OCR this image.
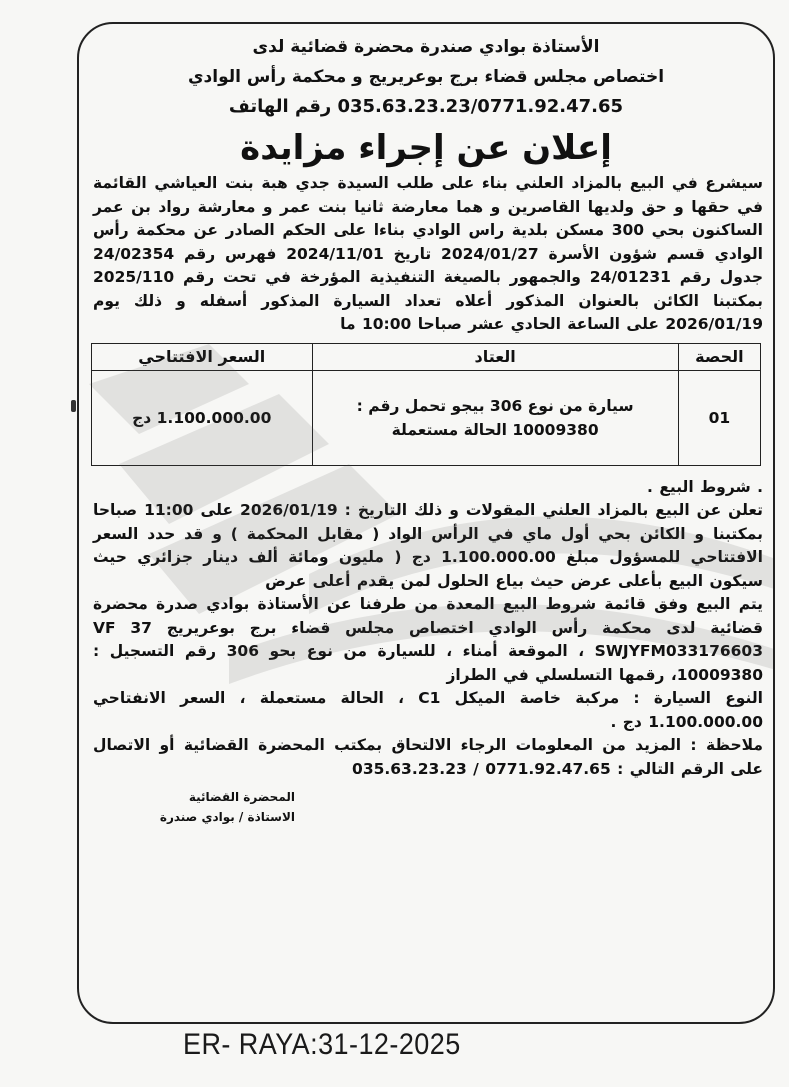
الأستاذة بوادي صندرة محضرة قضائية لدى
اختصاص مجلس قضاء برج بوعريريج و محكمة رأس الوادي
035.63.23.23/0771.92.47.65 رقم الهاتف
إعلان عن إجراء مزايدة

سيشرع في البيع بالمزاد العلني بناء على طلب السيدة جدي هبة بنت العياشي القائمة في حقها و حق ولديها القاصرين و هما معارضة ثانيا بنت عمر و معارشة رواد بن عمر الساكنون بحي 300 مسكن بلدية راس الوادي بناءا على الحكم الصادر عن محكمة رأس الوادي قسم شؤون الأسرة 2024/01/27 تاريخ 2024/11/01 فهرس رقم 24/02354 جدول رقم 24/01231 والجمهور بالصيغة التنفيذية المؤرخة في تحت رقم 2025/110 بمكتبنا الكائن بالعنوان المذكور أعلاه تعداد السيارة المذكور أسفله و ذلك يوم 2026/01/19 على الساعة الحادي عشر صباحا 10:00 ما

الحصة	العتاد	السعر الافتتاحي
01	سيارة من نوع 306 بيجو تحمل رقم : 10009380 الحالة مستعملة	1.100.000.00 دج

. شروط البيع .

تعلن عن البيع بالمزاد العلني المقولات و ذلك التاريخ : 2026/01/19 على 11:00 صباحا بمكتبنا و الكائن بحي أول ماي في الرأس الواد ( مقابل المحكمة ) و قد حدد السعر الافتتاحي للمسؤول مبلغ 1.100.000.00 دج ( مليون ومائة ألف دينار جزائري حيث سيكون البيع بأعلى عرض حيث بياع الحلول لمن يقدم أعلى عرض

يتم البيع وفق قائمة شروط البيع المعدة من طرفنا عن الأستاذة بوادي صدرة محضرة قضائية لدى محكمة رأس الوادي اختصاص مجلس قضاء برج بوعريريج VF 37 SWJYFM033176603 ، الموقعة أمناء ، للسيارة من نوع بحو 306 رقم التسجيل : 10009380، رقمها التسلسلي في الطراز

النوع السيارة : مركبة خاصة الميكل C1 ، الحالة مستعملة ، السعر الانفتاحي 1.100.000.00 دج .

ملاحظة : المزيد من المعلومات الرجاء الالتحاق بمكتب المحضرة القضائية أو الاتصال على الرقم التالي : 0771.92.47.65 / 035.63.23.23

المحضرة القضائية
الاستاذة / بوادي صندرة
ER- RAYA:31-12-2025
